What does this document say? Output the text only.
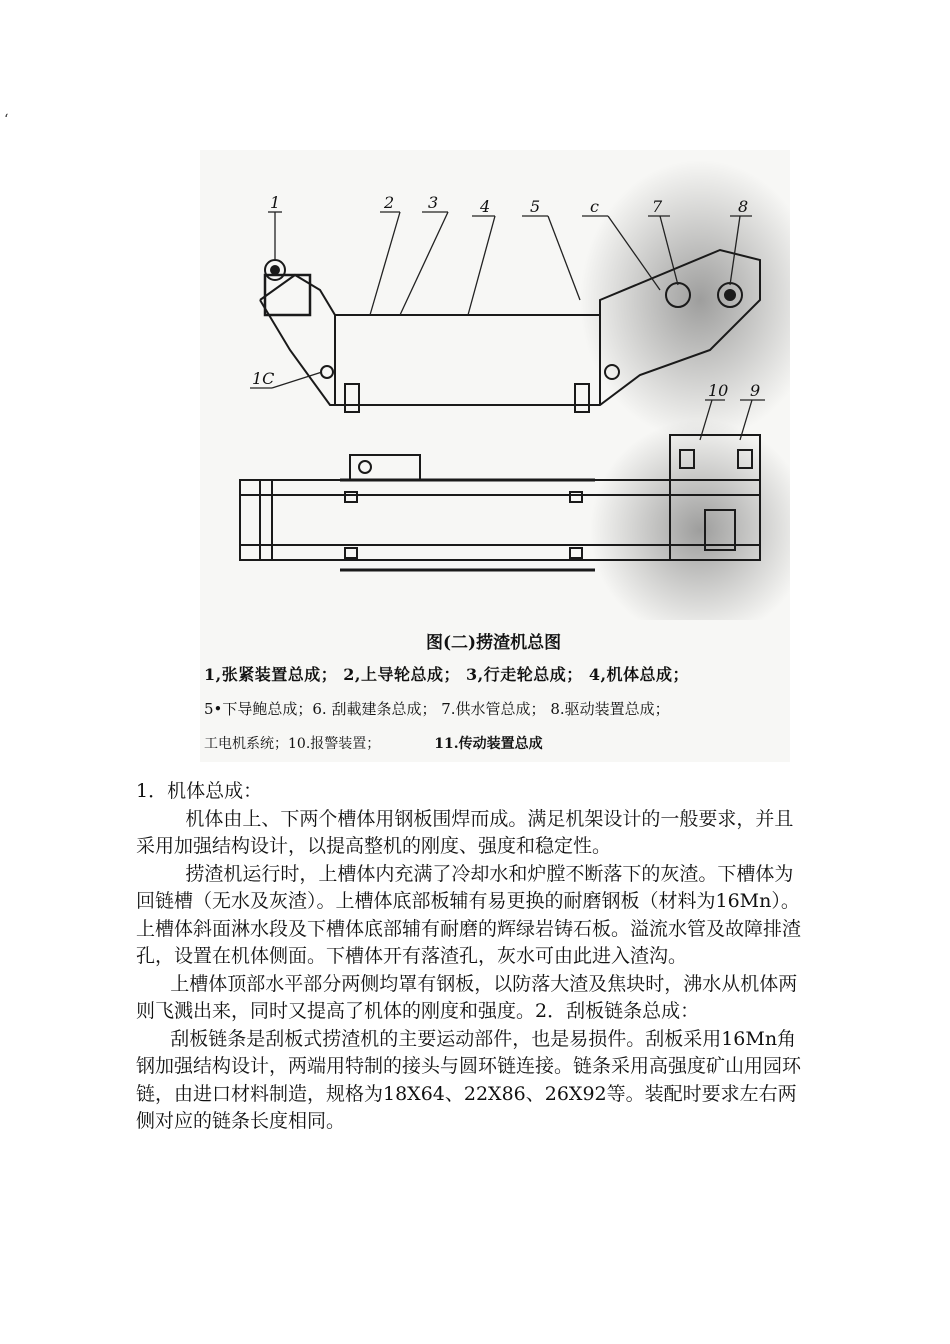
‘
1	2 3	4 5	c	7	8
9
10
1C
图(二)捞渣机总图
1,张紧装置总成； 2,上导轮总成； 3,行走轮总成； 4,机体总成；
5•下导鲍总成；6. 刮載建条总成； 7.供水管总成； 8.驱动装置总成；
工电机系统；10.报警装置；	11.传动装置总成

1．机体总成：

机体由上、下两个槽体用钢板围焊而成。满足机架设计的一般要求，并且采用加强结构设计，以提高整机的刚度、强度和稳定性。

捞渣机运行时，上槽体内充满了冷却水和炉膛不断落下的灰渣。下槽体为回链槽（无水及灰渣）。上槽体底部板辅有易更换的耐磨钢板（材料为16Mn）。上槽体斜面淋水段及下槽体底部辅有耐磨的辉绿岩铸石板。溢流水管及故障排渣孔，设置在机体侧面。下槽体开有落渣孔，灰水可由此进入渣沟。

上槽体顶部水平部分两侧均罩有钢板，以防落大渣及焦块时，沸水从机体两则飞溅出来，同时又提高了机体的刚度和强度。2．刮板链条总成：

刮板链条是刮板式捞渣机的主要运动部件，也是易损件。刮板采用16Mn角钢加强结构设计，两端用特制的接头与圆环链连接。链条采用高强度矿山用园环链，由进口材料制造，规格为18X64、22X86、26X92等。装配时要求左右两侧对应的链条长度相同。
